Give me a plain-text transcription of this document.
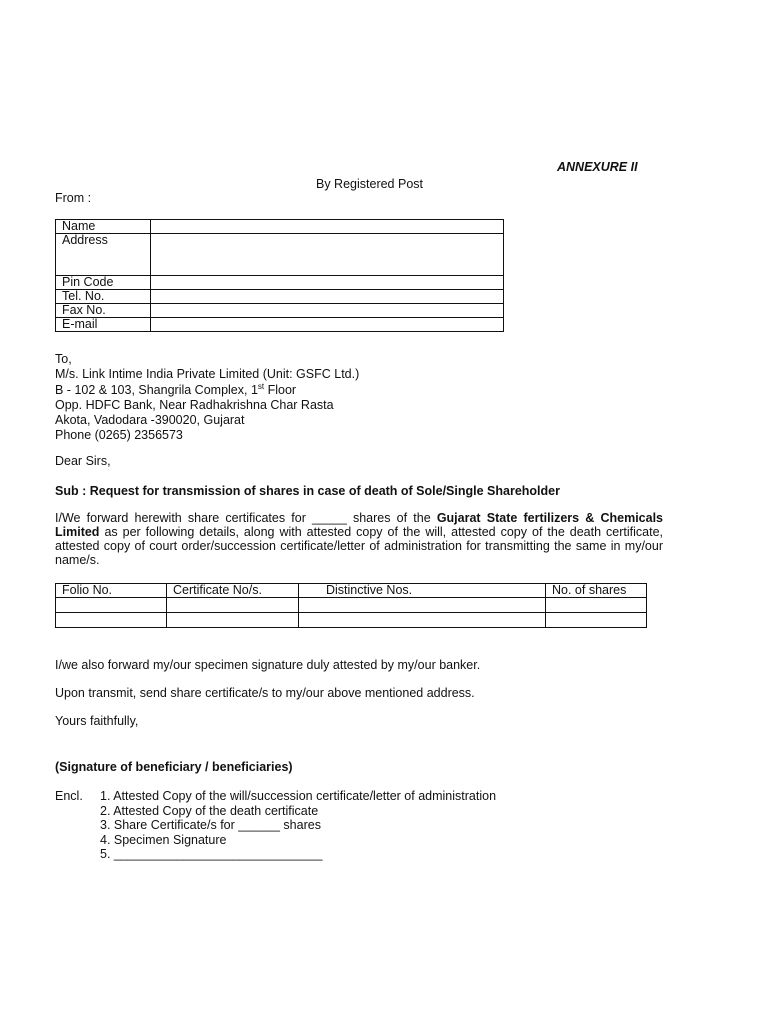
ANNEXURE II
By Registered Post
From :
Name	
Address	
Pin Code	
Tel. No.	
Fax No.	
E-mail	
To,
M/s. Link Intime India Private Limited (Unit: GSFC Ltd.)
B - 102 & 103, Shangrila Complex, 1st Floor
Opp. HDFC Bank, Near Radhakrishna Char Rasta
Akota, Vadodara -390020, Gujarat
Phone (0265) 2356573
Dear Sirs,
Sub : Request for transmission of shares in case of death of Sole/Single Shareholder
I/We forward herewith share certificates for _____ shares of the Gujarat State fertilizers & Chemicals Limited as per following details, along with attested copy of the will, attested copy of the death certificate, attested copy of court order/succession certificate/letter of administration for transmitting the same in my/our name/s.
Folio No.	Certificate No/s.	Distinctive Nos.	No. of shares

I/we also forward my/our specimen signature duly attested by my/our banker.
Upon transmit, send share certificate/s to my/our above mentioned address.
Yours faithfully,
(Signature of beneficiary / beneficiaries)
Encl. 1. Attested Copy of the will/succession certificate/letter of administration
2. Attested Copy of the death certificate
3. Share Certificate/s for ______ shares
4. Specimen Signature
5. ______________________________
